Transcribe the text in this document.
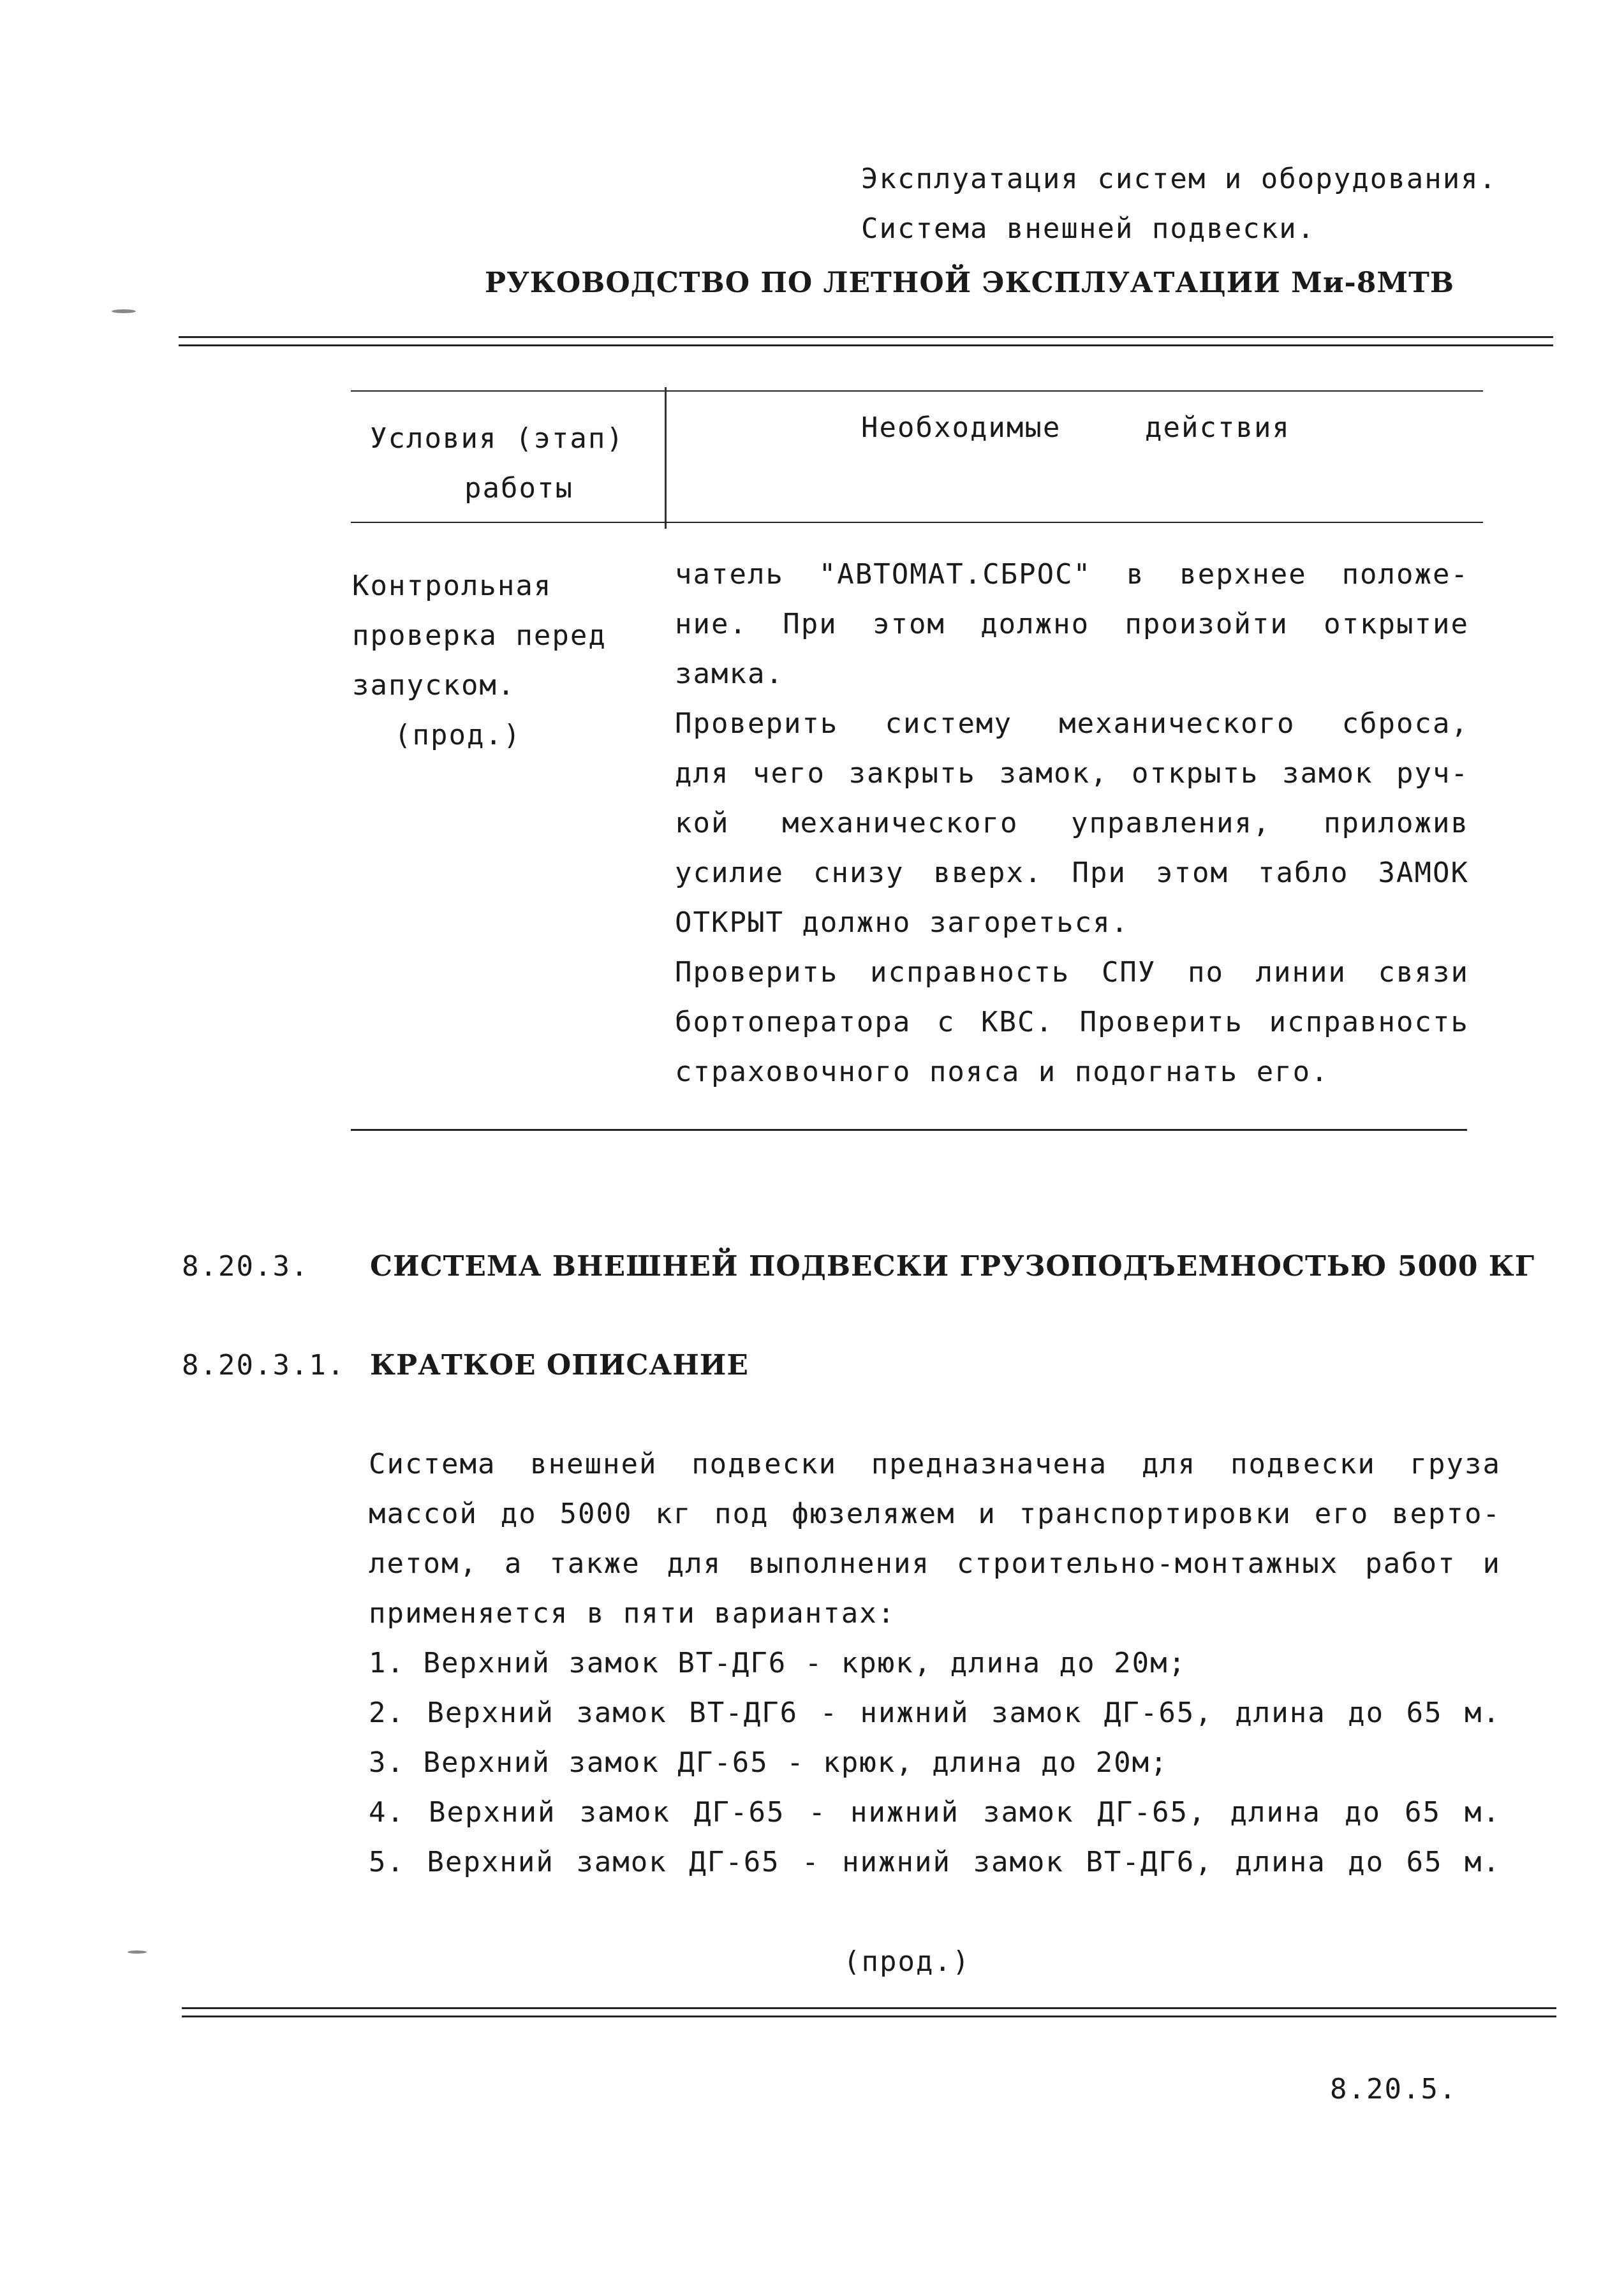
Эксплуатация систем и оборудования.
Система внешней подвески.
РУКОВОДСТВО ПО ЛЕТНОЙ ЭКСПЛУАТАЦИИ Ми-8МТВ
Условия (этап)
работы
Необходимые	действия
Контрольная
проверка перед
запуском.
(прод.)
чатель "АВТОМАТ.СБРОС" в верхнее положе-
ние. При этом должно произойти открытие
замка.
Проверить систему механического сброса,
для чего закрыть замок, открыть замок руч-
кой механического управления, приложив
усилие снизу вверх. При этом табло ЗАМОК
ОТКРЫТ должно загореться.
Проверить исправность СПУ по линии связи
бортоператора с КВС. Проверить исправность
страховочного пояса и подогнать его.
8.20.3. СИСТЕМА ВНЕШНЕЙ ПОДВЕСКИ ГРУЗОПОДЪЕМНОСТЬЮ 5000 КГ
8.20.3.1. КРАТКОЕ ОПИСАНИЕ
Система внешней подвески предназначена для подвески груза
массой до 5000 кг под фюзеляжем и транспортировки его верто-
летом, а также для выполнения строительно-монтажных работ и
применяется в пяти вариантах:
1. Верхний замок ВТ-ДГ6 - крюк, длина до 20м;
2. Верхний замок ВТ-ДГ6 - нижний замок ДГ-65, длина до 65 м.
3. Верхний замок ДГ-65 - крюк, длина до 20м;
4. Верхний замок ДГ-65 - нижний замок ДГ-65, длина до 65 м.
5. Верхний замок ДГ-65 - нижний замок ВТ-ДГ6, длина до 65 м.
(прод.)
8.20.5.
